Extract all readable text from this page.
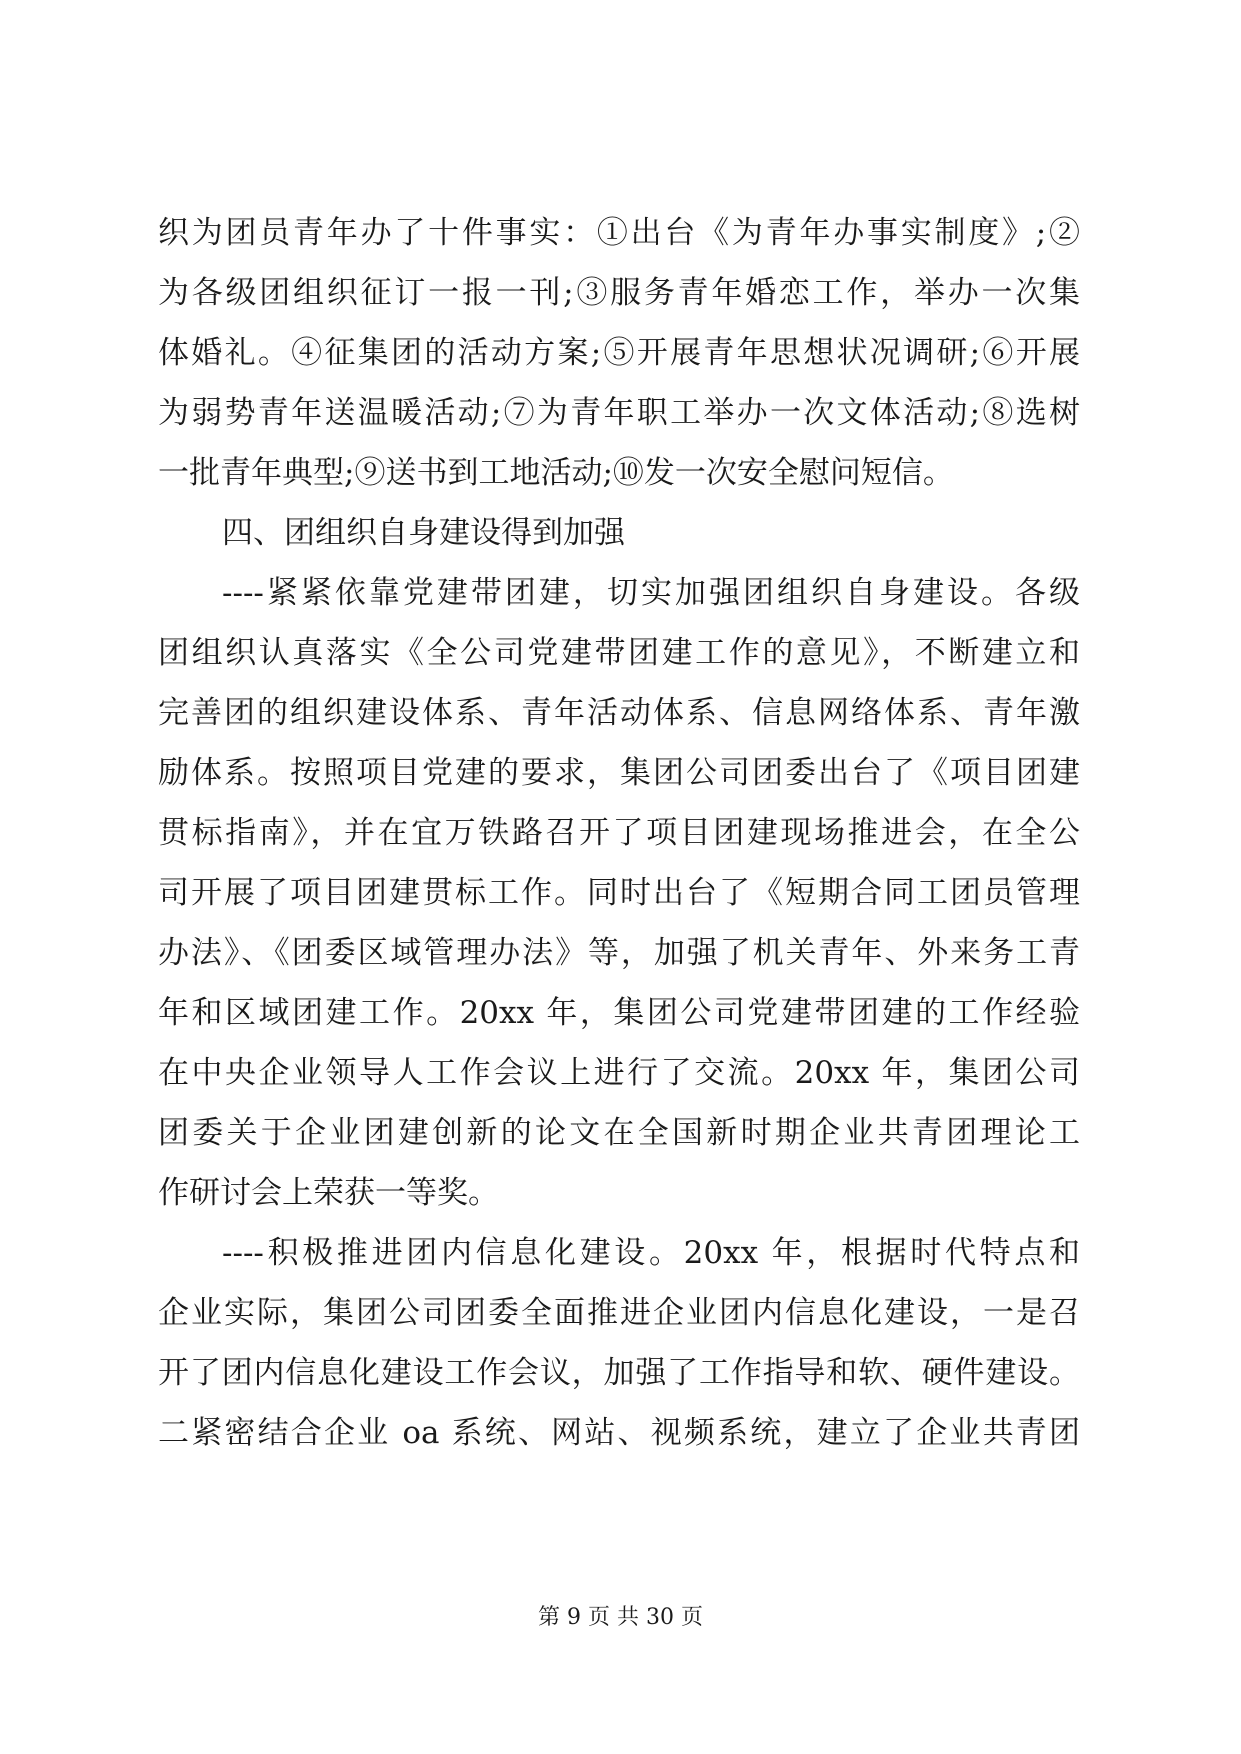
织为团员青年办了十件事实：①出台《为青年办事实制度》;②
为各级团组织征订一报一刊;③服务青年婚恋工作，举办一次集
体婚礼。④征集团的活动方案;⑤开展青年思想状况调研;⑥开展
为弱势青年送温暖活动;⑦为青年职工举办一次文体活动;⑧选树
一批青年典型;⑨送书到工地活动;⑩发一次安全慰问短信。
四、团组织自身建设得到加强
----紧紧依靠党建带团建，切实加强团组织自身建设。各级
团组织认真落实《全公司党建带团建工作的意见》，不断建立和
完善团的组织建设体系、青年活动体系、信息网络体系、青年激
励体系。按照项目党建的要求，集团公司团委出台了《项目团建
贯标指南》，并在宜万铁路召开了项目团建现场推进会，在全公
司开展了项目团建贯标工作。同时出台了《短期合同工团员管理
办法》、《团委区域管理办法》等，加强了机关青年、外来务工青
年和区域团建工作。20xx 年，集团公司党建带团建的工作经验
在中央企业领导人工作会议上进行了交流。20xx 年，集团公司
团委关于企业团建创新的论文在全国新时期企业共青团理论工
作研讨会上荣获一等奖。
----积极推进团内信息化建设。20xx 年，根据时代特点和
企业实际，集团公司团委全面推进企业团内信息化建设，一是召
开了团内信息化建设工作会议，加强了工作指导和软、硬件建设。
二紧密结合企业 oa 系统、网站、视频系统，建立了企业共青团
第 9 页 共 30 页
